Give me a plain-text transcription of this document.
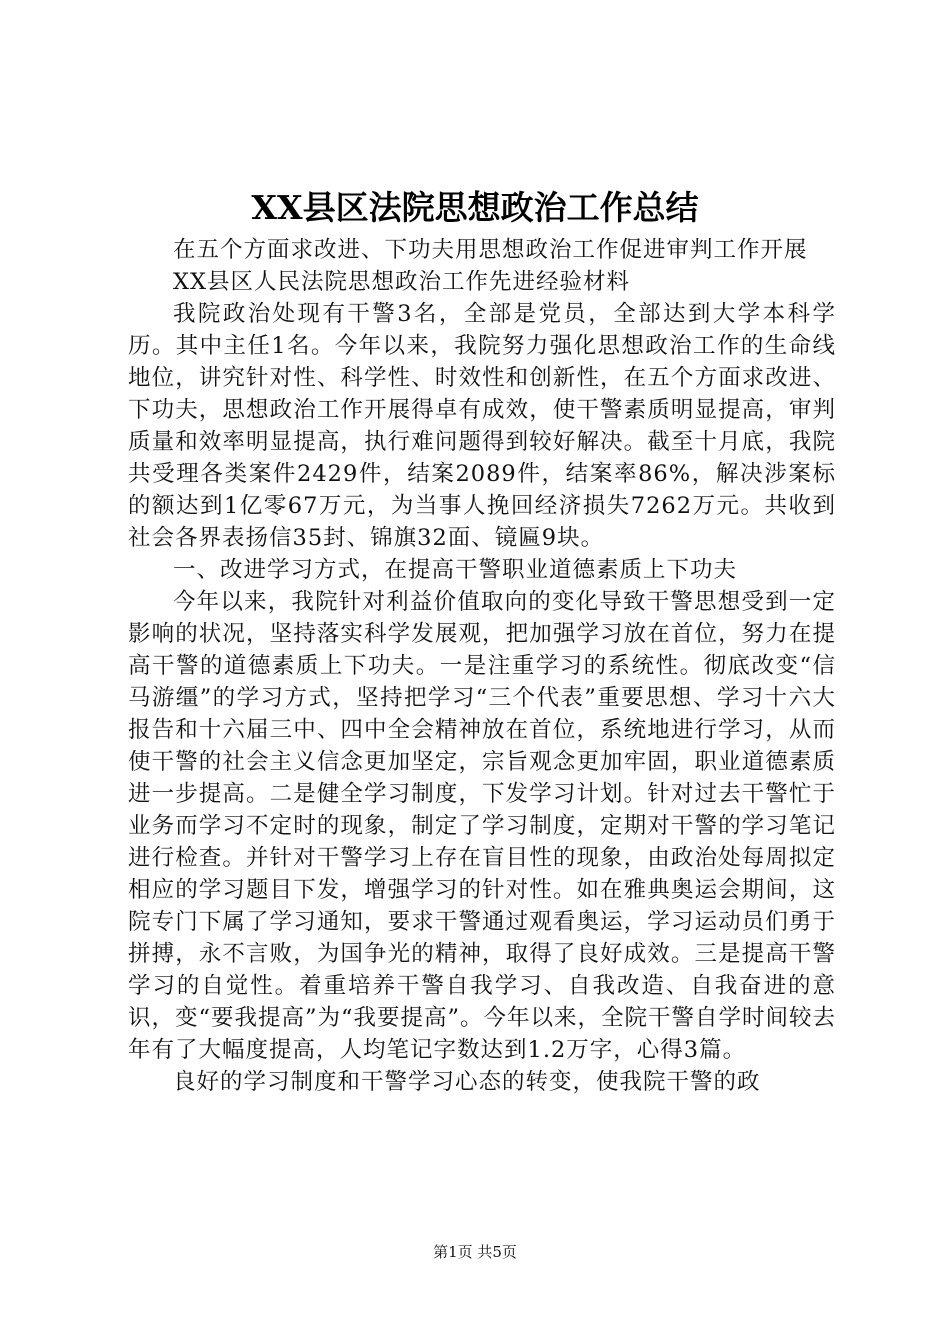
XX县区法院思想政治工作总结

在五个方面求改进、下功夫用思想政治工作促进审判工作开展

XX县区人民法院思想政治工作先进经验材料

我院政治处现有干警3名，全部是党员，全部达到大学本科学历。其中主任1名。今年以来，我院努力强化思想政治工作的生命线地位，讲究针对性、科学性、时效性和创新性，在五个方面求改进、下功夫，思想政治工作开展得卓有成效，使干警素质明显提高，审判质量和效率明显提高，执行难问题得到较好解决。截至十月底，我院共受理各类案件2429件，结案2089件，结案率86%，解决涉案标的额达到1亿零67万元，为当事人挽回经济损失7262万元。共收到社会各界表扬信35封、锦旗32面、镜匾9块。

一、改进学习方式，在提高干警职业道德素质上下功夫

今年以来，我院针对利益价值取向的变化导致干警思想受到一定影响的状况，坚持落实科学发展观，把加强学习放在首位，努力在提高干警的道德素质上下功夫。一是注重学习的系统性。彻底改变“信马游缰”的学习方式，坚持把学习“三个代表”重要思想、学习十六大报告和十六届三中、四中全会精神放在首位，系统地进行学习，从而使干警的社会主义信念更加坚定，宗旨观念更加牢固，职业道德素质进一步提高。二是健全学习制度，下发学习计划。针对过去干警忙于业务而学习不定时的现象，制定了学习制度，定期对干警的学习笔记进行检查。并针对干警学习上存在盲目性的现象，由政治处每周拟定相应的学习题目下发，增强学习的针对性。如在雅典奥运会期间，这院专门下属了学习通知，要求干警通过观看奥运，学习运动员们勇于拼搏，永不言败，为国争光的精神，取得了良好成效。三是提高干警学习的自觉性。着重培养干警自我学习、自我改造、自我奋进的意识，变“要我提高”为“我要提高”。今年以来，全院干警自学时间较去年有了大幅度提高，人均笔记字数达到1.2万字，心得3篇。

良好的学习制度和干警学习心态的转变，使我院干警的政

第1页 共5页
